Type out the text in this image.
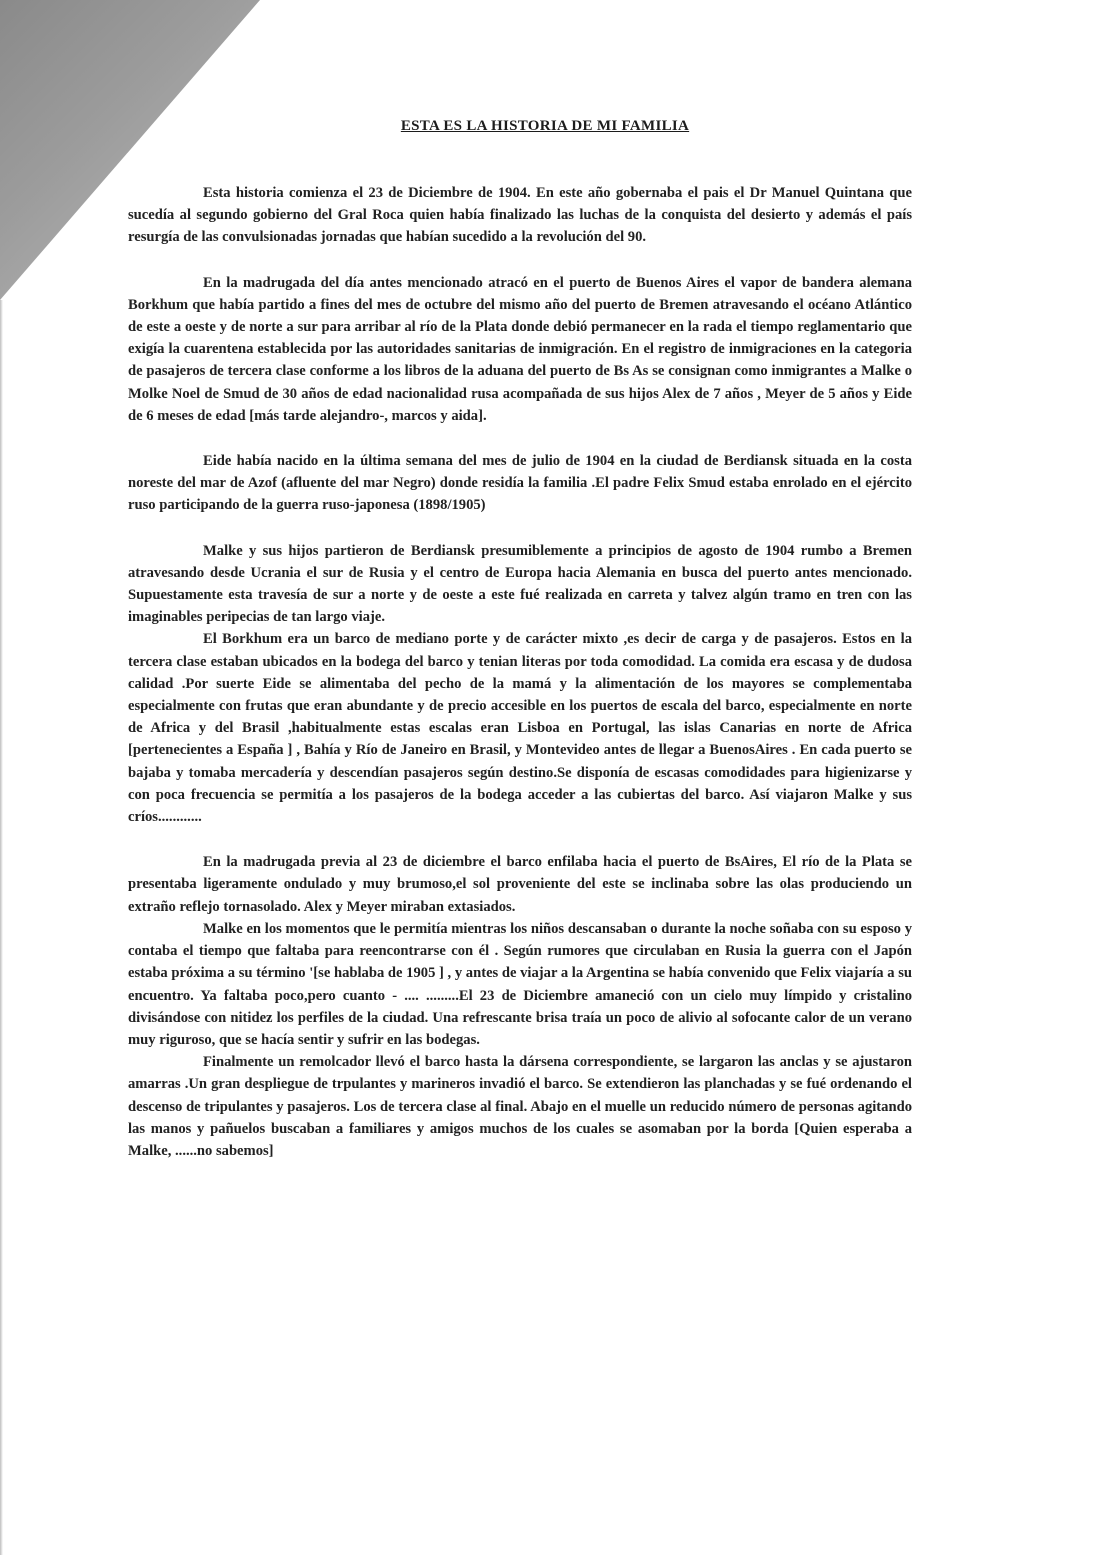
ESTA ES LA HISTORIA DE MI FAMILIA

Esta historia comienza el 23 de Diciembre de 1904. En este año gobernaba el pais el Dr Manuel Quintana que sucedía al segundo gobierno del Gral Roca quien había finalizado las luchas de la conquista del desierto y además el país resurgía de las convulsionadas jornadas que habían sucedido a la revolución del 90.

En la madrugada del día antes mencionado atracó en el puerto de Buenos Aires el vapor de bandera alemana Borkhum que había partido a fines del mes de octubre del mismo año del puerto de Bremen atravesando el océano Atlántico de este a oeste y de norte a sur para arribar al río de la Plata donde debió permanecer en la rada el tiempo reglamentario que exigía la cuarentena establecida por las autoridades sanitarias de inmigración. En el registro de inmigraciones en la categoria de pasajeros de tercera clase conforme a los libros de la aduana del puerto de Bs As se consignan como inmigrantes a Malke o Molke Noel de Smud de 30 años de edad nacionalidad rusa acompañada de sus hijos Alex de 7 años , Meyer de 5 años y Eide de 6 meses de edad [más tarde alejandro-, marcos y aida].

Eide había nacido en la última semana del mes de julio de 1904 en la ciudad de Berdiansk situada en la costa noreste del mar de Azof (afluente del mar Negro) donde residía la familia .El padre Felix Smud estaba enrolado en el ejército ruso participando de la guerra ruso-japonesa (1898/1905)

Malke y sus hijos partieron de Berdiansk presumiblemente a principios de agosto de 1904 rumbo a Bremen atravesando desde Ucrania el sur de Rusia y el centro de Europa hacia Alemania en busca del puerto antes mencionado. Supuestamente esta travesía de sur a norte y de oeste a este fué realizada en carreta y talvez algún tramo en tren con las imaginables peripecias de tan largo viaje.

El Borkhum era un barco de mediano porte y de carácter mixto ,es decir de carga y de pasajeros. Estos en la tercera clase estaban ubicados en la bodega del barco y tenian literas por toda comodidad. La comida era escasa y de dudosa calidad .Por suerte Eide se alimentaba del pecho de la mamá y la alimentación de los mayores se complementaba especialmente con frutas que eran abundante y de precio accesible en los puertos de escala del barco, especialmente en norte de Africa y del Brasil ,habitualmente estas escalas eran Lisboa en Portugal, las islas Canarias en norte de Africa [pertenecientes a España ] , Bahía y Río de Janeiro en Brasil, y Montevideo antes de llegar a BuenosAires . En cada puerto se bajaba y tomaba mercadería y descendían pasajeros según destino.Se disponía de escasas comodidades para higienizarse y con poca frecuencia se permitía a los pasajeros de la bodega acceder a las cubiertas del barco. Así viajaron Malke y sus críos............

En la madrugada previa al 23 de diciembre el barco enfilaba hacia el puerto de BsAires, El río de la Plata se presentaba ligeramente ondulado y muy brumoso,el sol proveniente del este se inclinaba sobre las olas produciendo un extraño reflejo tornasolado. Alex y Meyer miraban extasiados.

Malke en los momentos que le permitía mientras los niños descansaban o durante la noche soñaba con su esposo y contaba el tiempo que faltaba para reencontrarse con él . Según rumores que circulaban en Rusia la guerra con el Japón estaba próxima a su término '[se hablaba de 1905 ] , y antes de viajar a la Argentina se había convenido que Felix viajaría a su encuentro. Ya faltaba poco,pero cuanto - .... .........El 23 de Diciembre amaneció con un cielo muy límpido y cristalino divisándose con nitidez los perfiles de la ciudad. Una refrescante brisa traía un poco de alivio al sofocante calor de un verano muy riguroso, que se hacía sentir y sufrir en las bodegas.

Finalmente un remolcador llevó el barco hasta la dársena correspondiente, se largaron las anclas y se ajustaron amarras .Un gran despliegue de trpulantes y marineros invadió el barco. Se extendieron las planchadas y se fué ordenando el descenso de tripulantes y pasajeros. Los de tercera clase al final. Abajo en el muelle un reducido número de personas agitando las manos y pañuelos buscaban a familiares y amigos muchos de los cuales se asomaban por la borda [Quien esperaba a Malke, ......no sabemos]
